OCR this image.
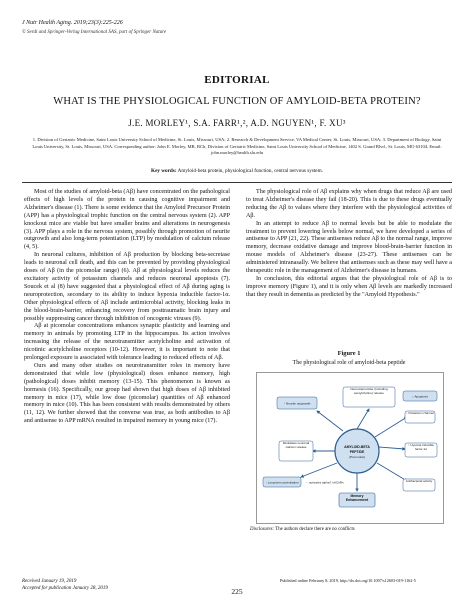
J Nutr Health Aging. 2019;23(3):225-226
© Serdi and Springer-Verlag International SAS, part of Springer Nature
EDITORIAL
WHAT IS THE PHYSIOLOGICAL FUNCTION OF AMYLOID-BETA PROTEIN?
J.E. MORLEY¹, S.A. FARR¹,², A.D. NGUYEN¹, F. XU³
1. Division of Geriatric Medicine, Saint Louis University School of Medicine, St. Louis, Missouri, USA; 2. Research & Development Service, VA Medical Center, St. Louis, Missouri, USA; 3. Department of Biology, Saint Louis University, St. Louis, Missouri, USA. Corresponding author: John E. Morley, MB, BCh, Division of Geriatric Medicine, Saint Louis University School of Medicine, 1402 S. Grand Blvd., St. Louis, MO 63104, Email: john.morley@health.slu.edu
Key words: Amyloid-beta protein, physiological function, central nervous system.

Most of the studies of amyloid-beta (Aβ) have concentrated on the pathological effects of high levels of the protein in causing cognitive impairment and Alzheimer's disease (1). There is some evidence that the Amyloid Precursor Protein (APP) has a physiological trophic function on the central nervous system (2). APP knockout mice are viable but have smaller brains and alterations in neurogenesis (3). APP plays a role in the nervous system, possibly through promotion of neurite outgrowth and also long-term potentiation (LTP) by modulation of calcium release (4, 5).

In neuronal cultures, inhibition of Aβ production by blocking beta-secretase leads to neuronal cell death, and this can be prevented by providing physiological doses of Aβ (in the picomolar range) (6). Aβ at physiological levels reduces the excitatory activity of potassium channels and reduces neuronal apoptosis (7). Soucek et al (8) have suggested that a physiological effect of Aβ during aging is neuroprotection, secondary to its ability to induce hypoxia inducible factor-1α. Other physiological effects of Aβ include antimicrobial activity, blocking leaks in the blood-brain-barrier, enhancing recovery from posttraumatic brain injury and possibly suppressing cancer through inhibition of oncogenic viruses (9).

Aβ at picomolar concentrations enhances synaptic plasticity and learning and memory in animals by promoting LTP in the hippocampus. Its action involves increasing the release of the neurotransmitter acetylcholine and activation of nicotinic acetylcholine receptors (10-12). However, it is important to note that prolonged exposure is associated with tolerance leading to reduced effects of Aβ.

Ours and many other studies on neurotransmitter roles in memory have demonstrated that while low (physiological) doses enhance memory, high (pathological) doses inhibit memory (13-15). This phenomenon is known as hormesis (16). Specifically, our group had shown that high doses of Aβ inhibited memory in mice (17), while low dose (picomolar) quantities of Aβ enhanced memory in mice (10). This has been consistent with results demonstrated by others (11, 12). We further showed that the converse was true, as both antibodies to Aβ and antisense to APP mRNA resulted in impaired memory in young mice (17).

The physiological role of Aβ explains why when drugs that reduce Aβ are used to treat Alzheimer's disease they fail (18-20). This is due to these drugs eventually reducing the Aβ to values where they interfere with the physiological activities of Aβ.

In an attempt to reduce Aβ to normal levels but be able to modulate the treatment to prevent lowering levels below normal, we have developed a series of antisense to APP (21, 22). These antisenses reduce Aβ to the normal range, improve memory, decrease oxidative damage and improve blood-brain-barrier function in mouse models of Alzheimer's disease (23-27). These antisenses can be administered intranasally. We believe that antisenses such as these may well have a therapeutic role in the management of Alzheimer's disease in humans.

In conclusion, this editorial argues that the physiological role of Aβ is to improve memory (Figure 1), and it is only when Aβ levels are markedly increased that they result in dementia as predicted by the "Amyloid Hypothesis."

Figure 1
The physiological role of amyloid-beta peptide
AMYLOID-BETA
PEPTIDE
(Picomolar)
↑ Neurite outgrowth
Neurotransmitter (including acetylcholine) release
↓ Apoptosis
↓ Potassium channel
↑ Hypoxia inducible factor-1α
Modulates neuronal calcium release
↑ Long-term potentiation → activates alpha7 nAChRs	Antibacterial activity
Memory Enhancement
Disclosures: The authors declare there are no conflicts
Received January 19, 2019
Accepted for publication January 28, 2019
Published online February 8, 2019, http://dx.doi.org/10.1007/s12603-019-1162-5
225
